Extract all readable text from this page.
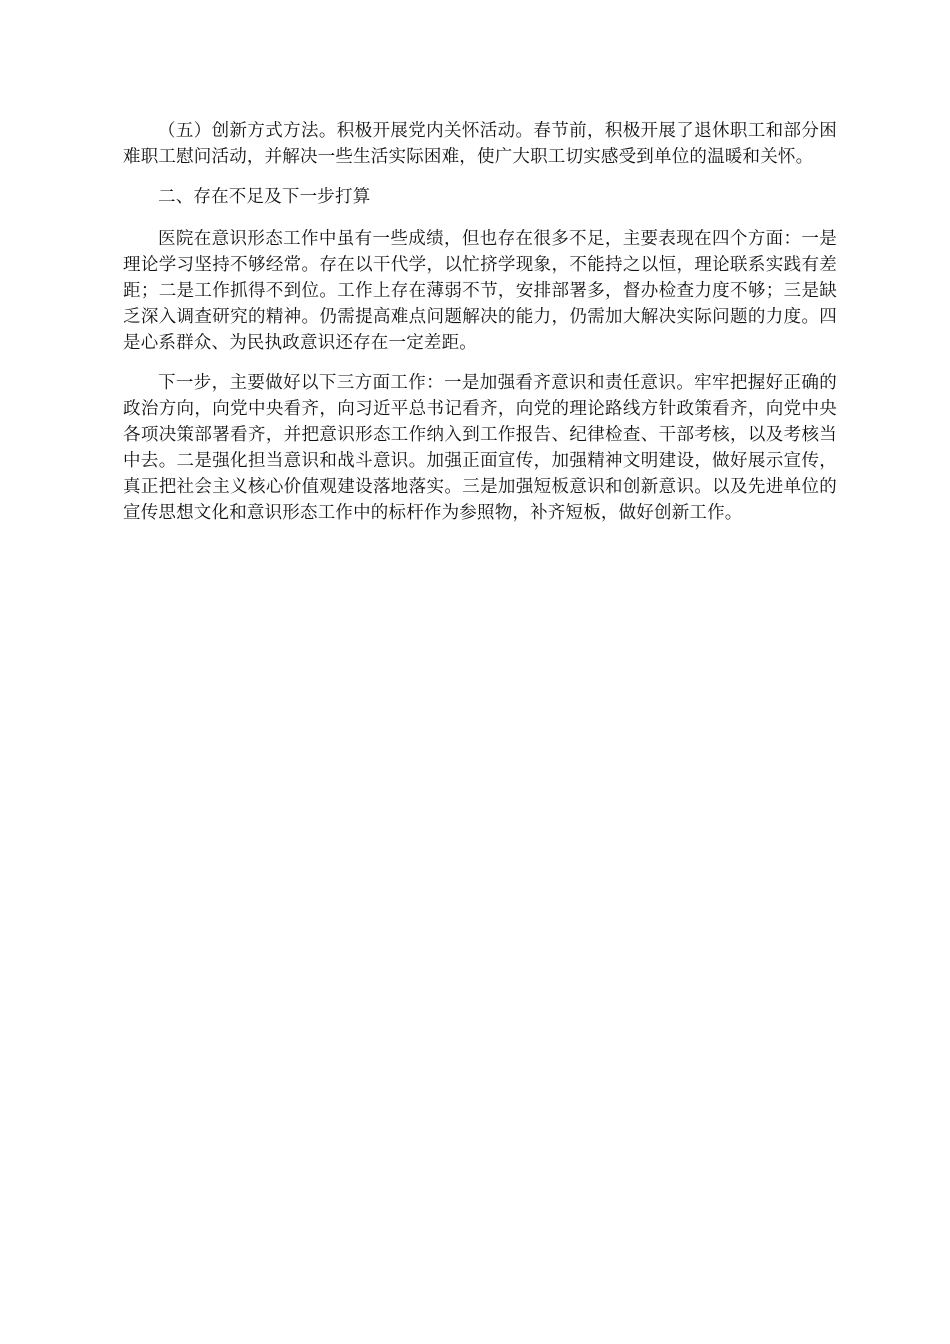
（五）创新方式方法。积极开展党内关怀活动。春节前，积极开展了退休职工和部分困难职工慰问活动，并解决一些生活实际困难，使广大职工切实感受到单位的温暖和关怀。

二、存在不足及下一步打算

医院在意识形态工作中虽有一些成绩，但也存在很多不足，主要表现在四个方面：一是理论学习坚持不够经常。存在以干代学，以忙挤学现象，不能持之以恒，理论联系实践有差距；二是工作抓得不到位。工作上存在薄弱不节，安排部署多，督办检查力度不够；三是缺乏深入调查研究的精神。仍需提高难点问题解决的能力，仍需加大解决实际问题的力度。四是心系群众、为民执政意识还存在一定差距。

下一步，主要做好以下三方面工作：一是加强看齐意识和责任意识。牢牢把握好正确的政治方向，向党中央看齐，向习近平总书记看齐，向党的理论路线方针政策看齐，向党中央各项决策部署看齐，并把意识形态工作纳入到工作报告、纪律检查、干部考核，以及考核当中去。二是强化担当意识和战斗意识。加强正面宣传，加强精神文明建设，做好展示宣传，真正把社会主义核心价值观建设落地落实。三是加强短板意识和创新意识。以及先进单位的宣传思想文化和意识形态工作中的标杆作为参照物，补齐短板，做好创新工作。
